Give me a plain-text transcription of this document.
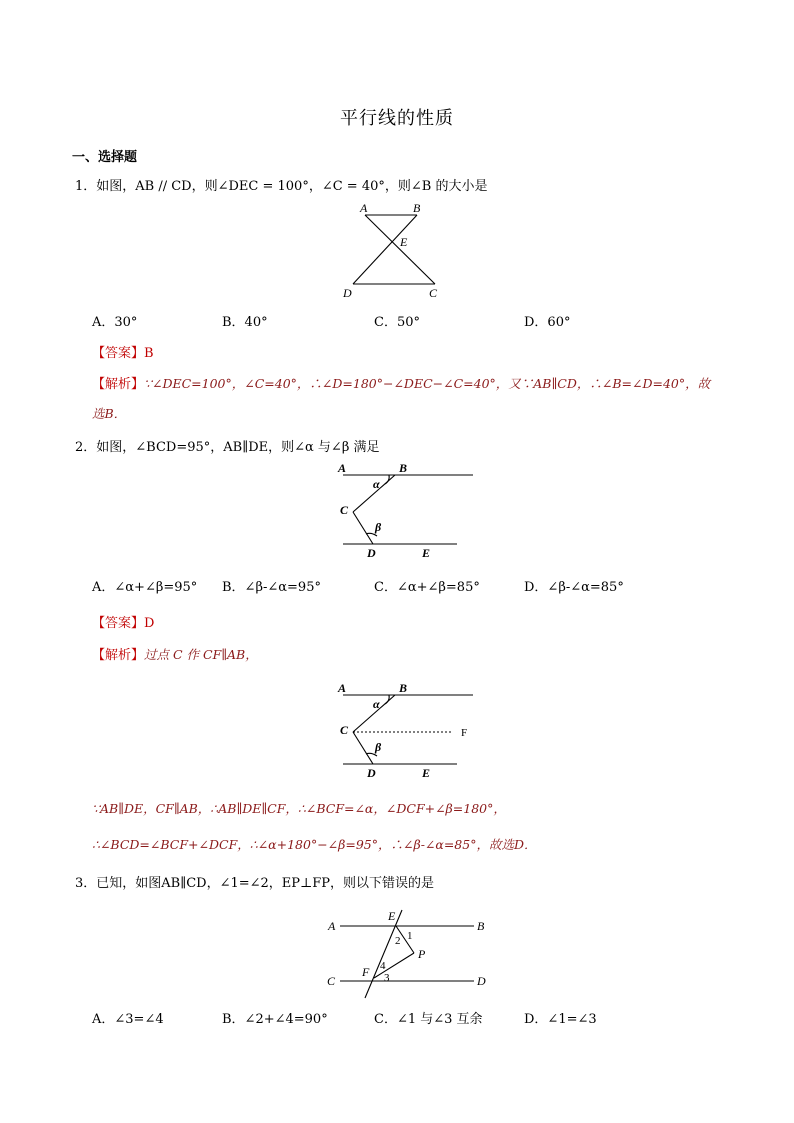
平行线的性质
一、选择题
1．如图，AB // CD，则∠DEC = 100°，∠C = 40°，则∠B 的大小是
A	B
E
D	C
A．30°	B．40°	C．50°	D．60°
【答案】B
【解析】∵∠DEC=100°，∠C=40°，∴∠D=180°−∠DEC−∠C=40°，又∵AB∥CD，∴∠B=∠D=40°，故
选B．
2．如图，∠BCD=95°，AB∥DE，则∠α 与∠β 满足
A	B
α
C
β
D	E
A．∠α+∠β=95° B．∠β-∠α=95°	C．∠α+∠β=85°	D．∠β-∠α=85°
【答案】D
【解析】过点 C 作 CF∥AB，
A	B
α
C	F
β
D	E
∵AB∥DE，CF∥AB，∴AB∥DE∥CF，∴∠BCF=∠α，∠DCF+∠β=180°，
∴∠BCD=∠BCF+∠DCF，∴∠α+180°−∠β=95°，∴∠β-∠α=85°，故选D．
3．已知，如图AB∥CD，∠1=∠2，EP⊥FP，则以下错误的是
A
E
1
2
B
P
4
F 3
C	D
A．∠3=∠4	B．∠2+∠4=90°	C．∠1 与∠3 互余	D．∠1=∠3
